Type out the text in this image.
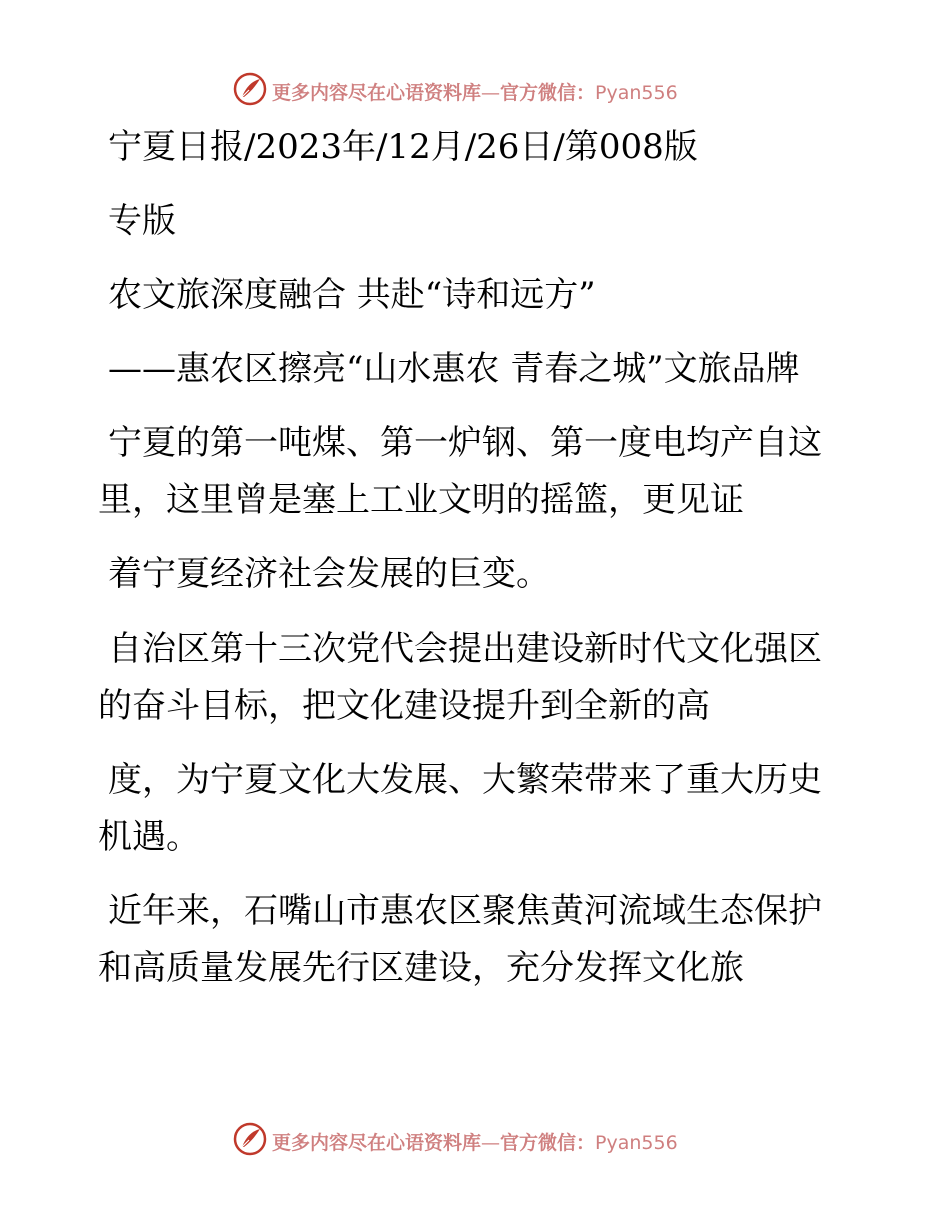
更多内容尽在心语资料库—官方微信：Pyan556

宁夏日报/2023年/12月/26日/第008版

专版

农文旅深度融合 共赴“诗和远方”

——惠农区擦亮“山水惠农 青春之城”文旅品牌

宁夏的第一吨煤、第一炉钢、第一度电均产自这

里，这里曾是塞上工业文明的摇篮，更见证

着宁夏经济社会发展的巨变。

自治区第十三次党代会提出建设新时代文化强区

的奋斗目标，把文化建设提升到全新的高

度，为宁夏文化大发展、大繁荣带来了重大历史

机遇。

近年来，石嘴山市惠农区聚焦黄河流域生态保护

和高质量发展先行区建设，充分发挥文化旅

更多内容尽在心语资料库—官方微信：Pyan556
